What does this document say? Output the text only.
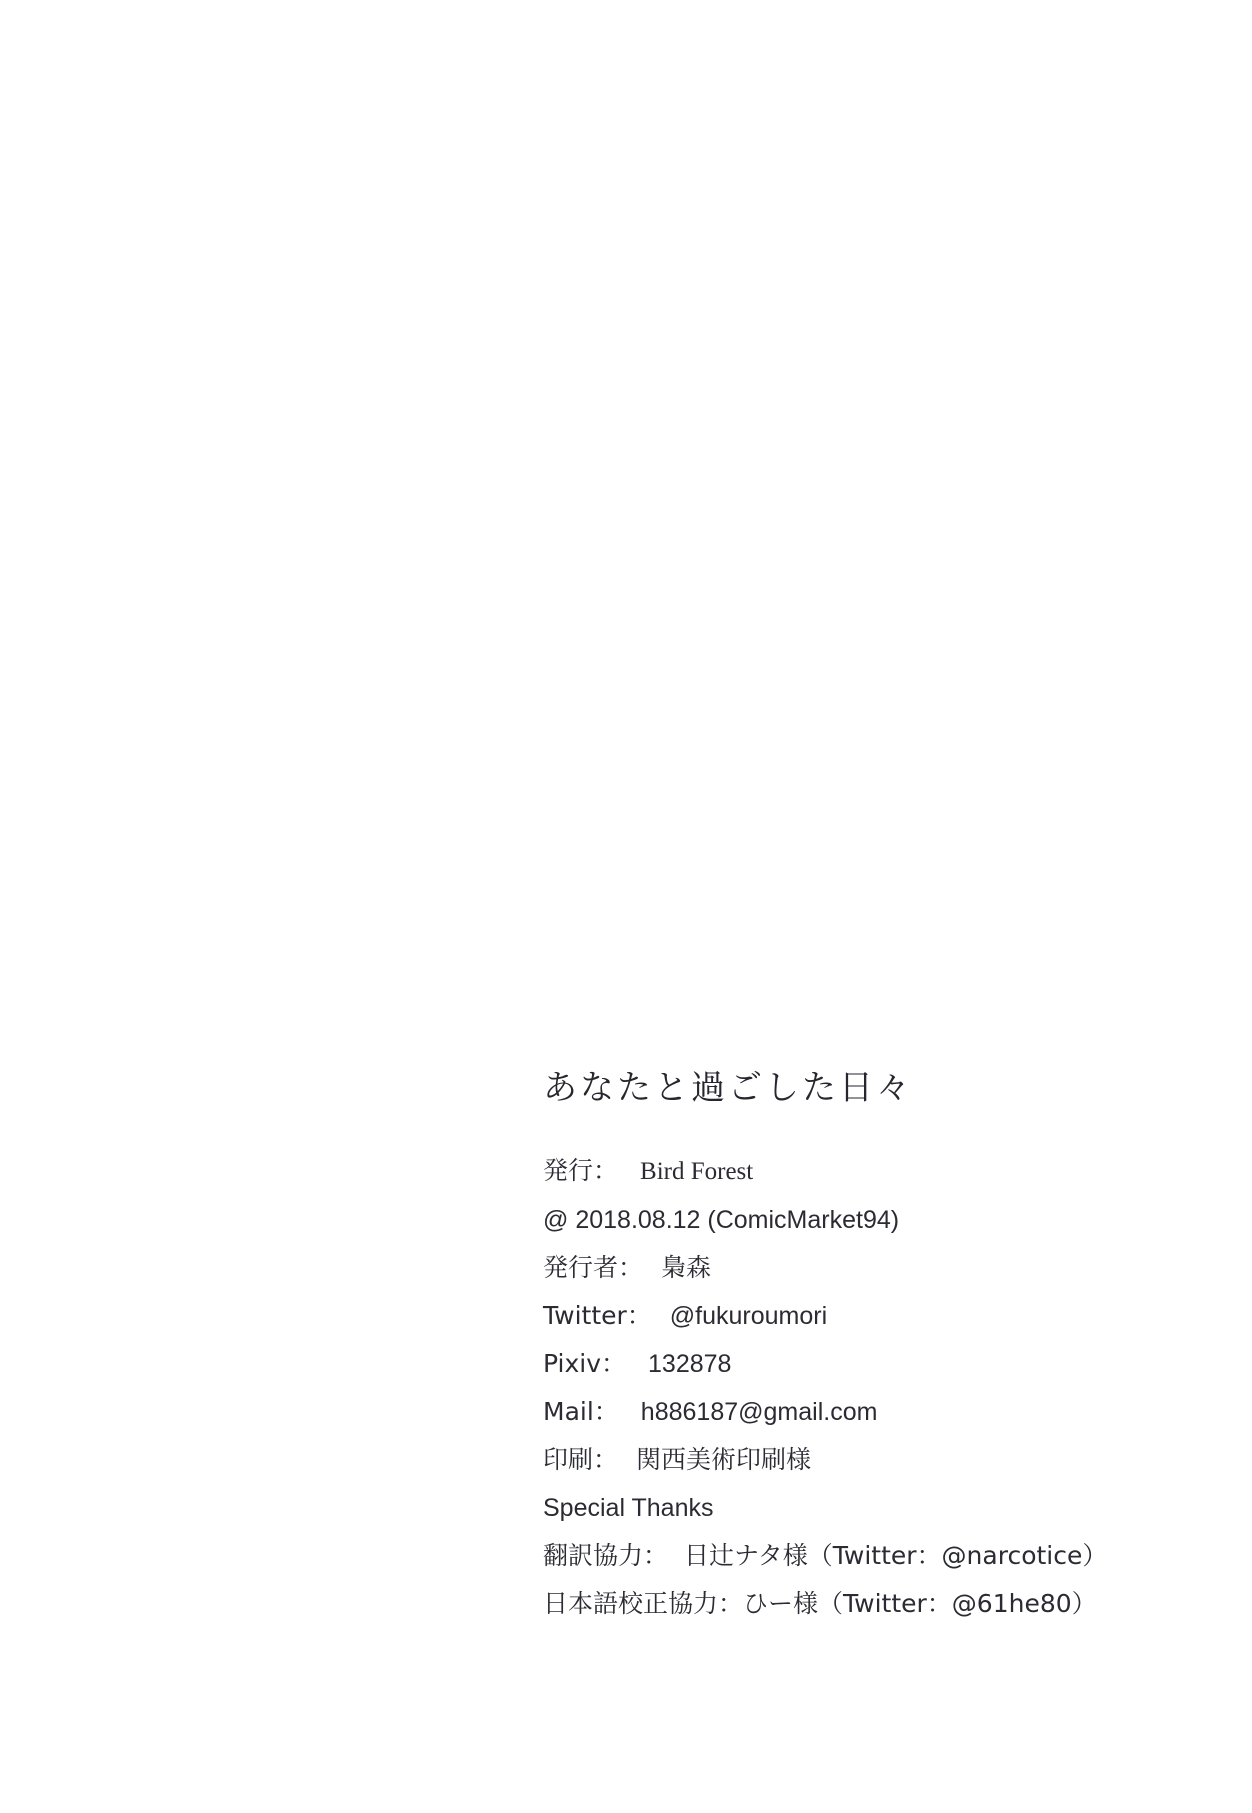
あなたと過ごした日々
発行： Bird Forest
@ 2018.08.12 (ComicMarket94)
発行者： 梟森
Twitter： @fukuroumori
Pixiv： 132878
Mail： h886187@gmail.com
印刷： 関西美術印刷様
Special Thanks
翻訳協力： 日辻ナタ様（Twitter：@narcotice）
日本語校正協力：ひー様（Twitter：@61he80）
